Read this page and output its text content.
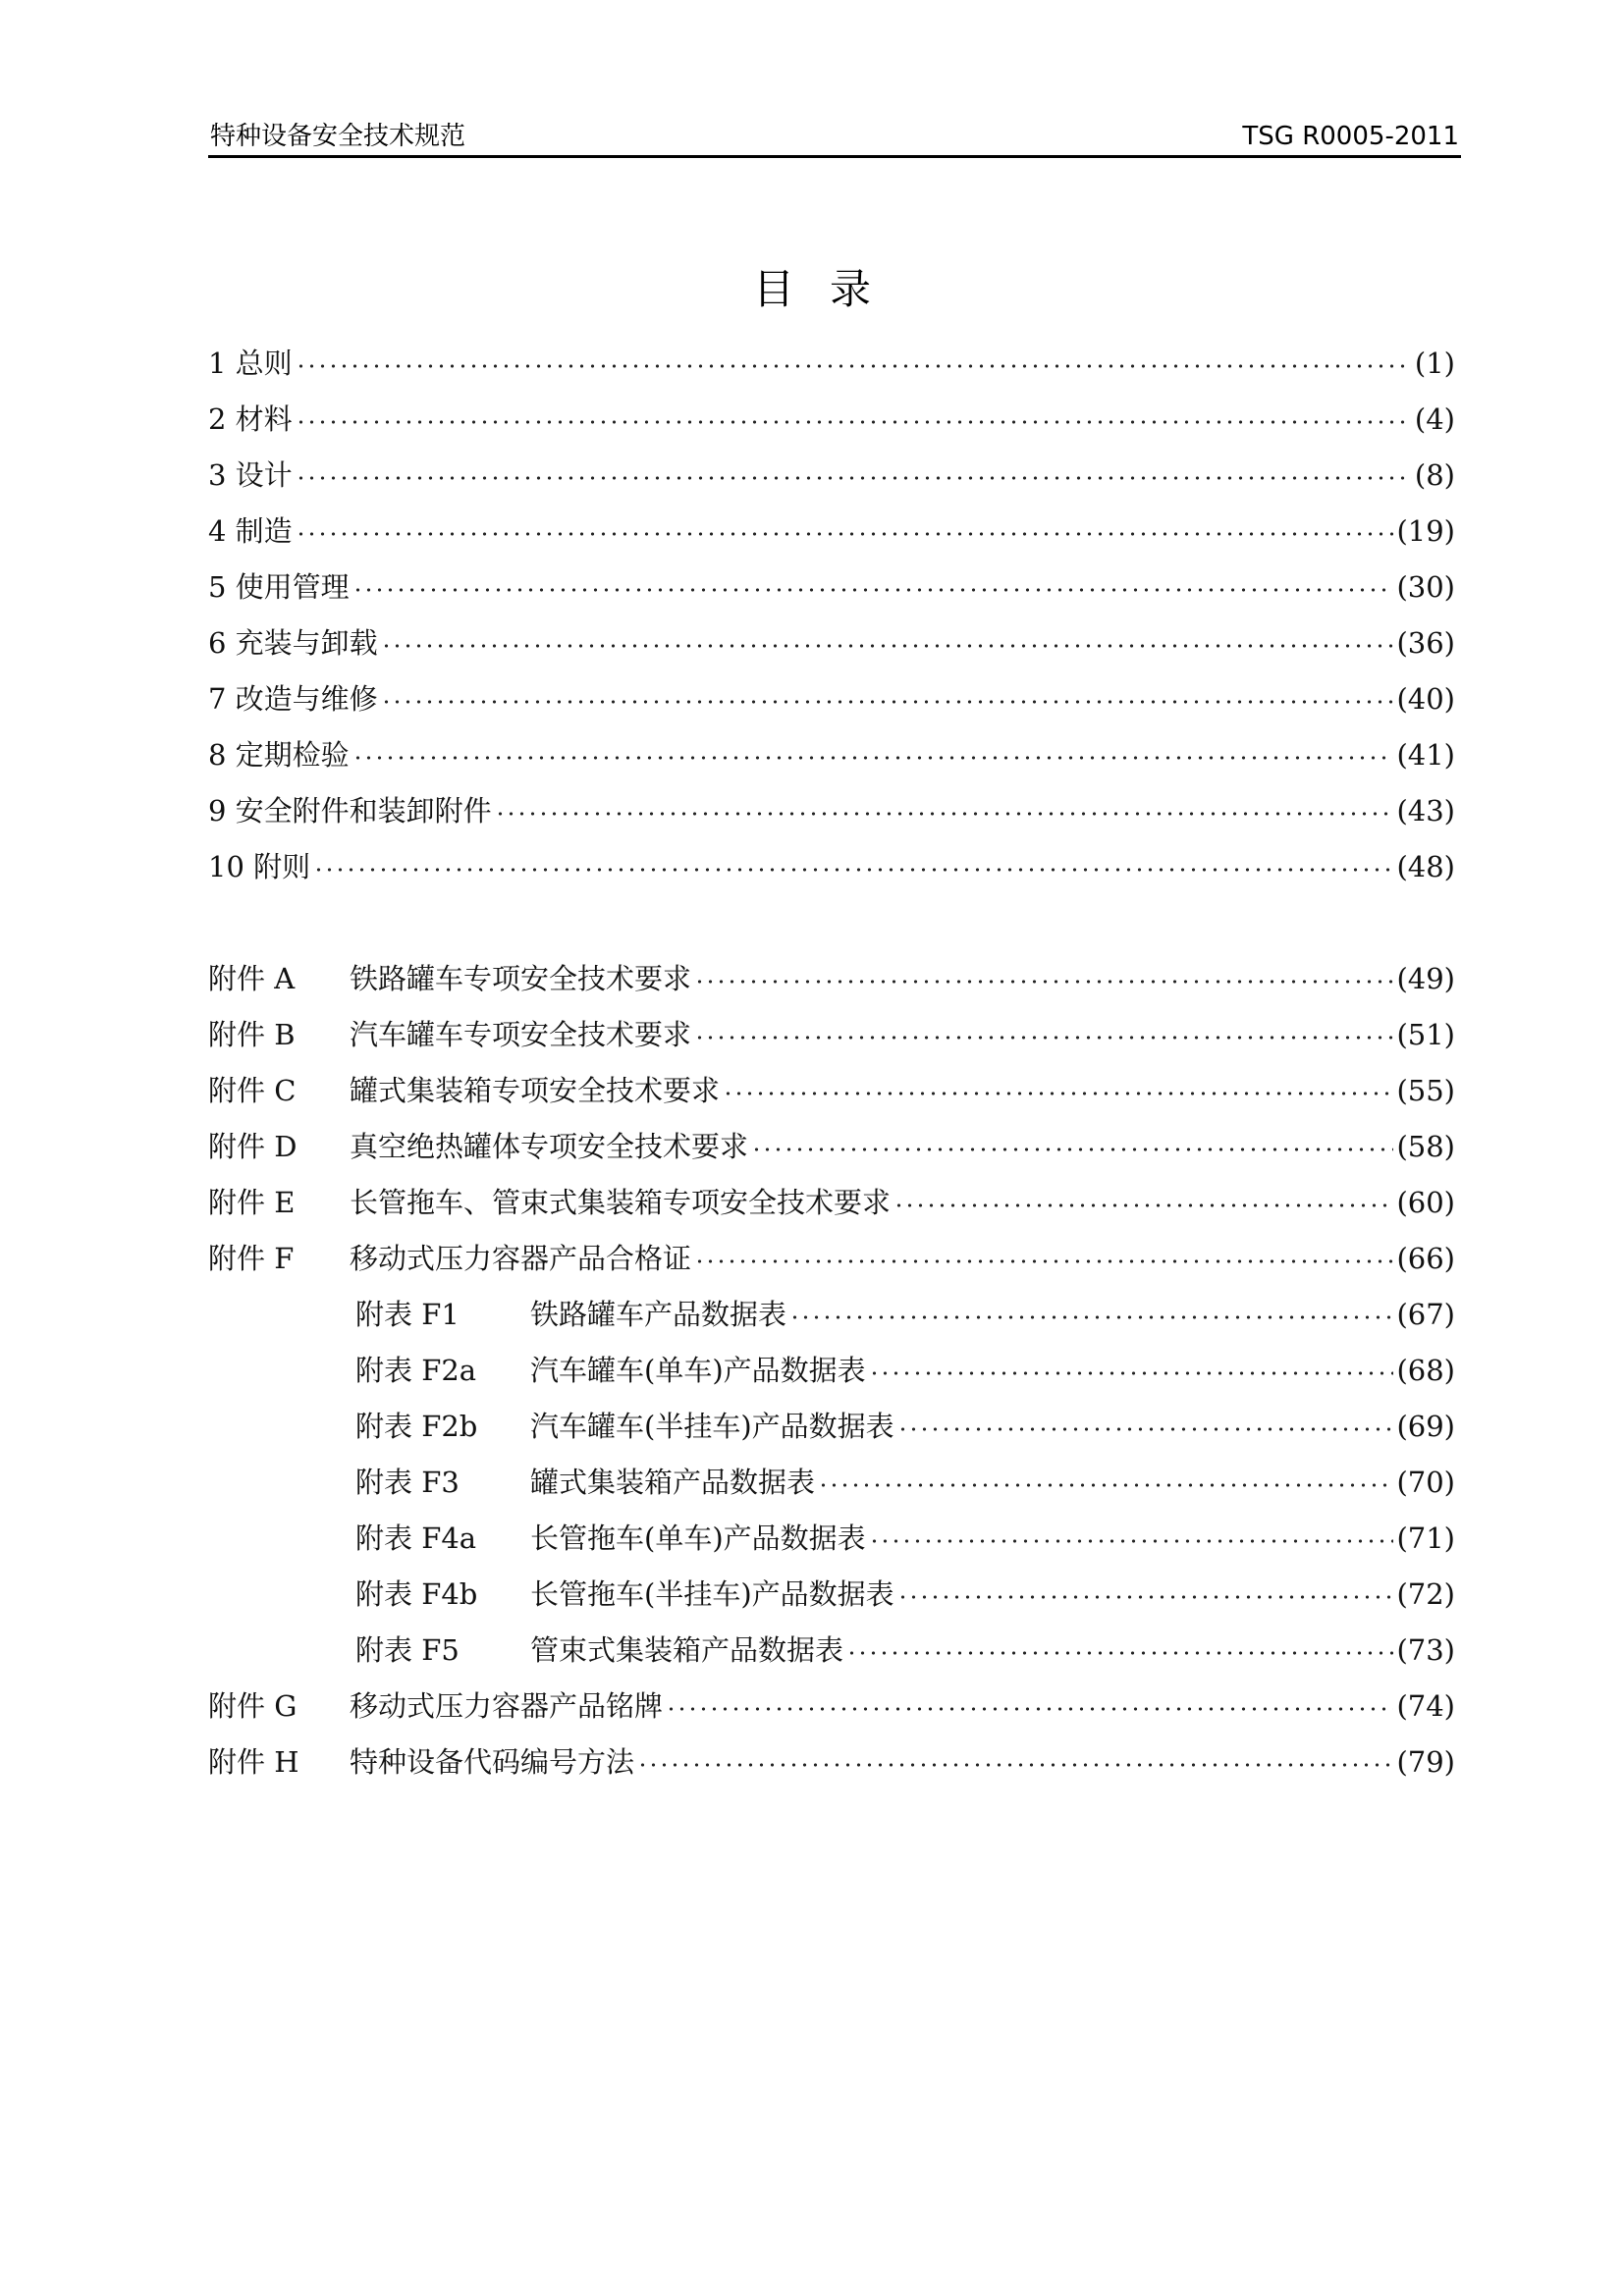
特种设备安全技术规范	TSG R0005-2011
目录
1 总则	(1)
2 材料	(4)
3 设计	(8)
4 制造	(19)
5 使用管理	(30)
6 充装与卸载	(36)
7 改造与维修	(40)
8 定期检验	(41)
9 安全附件和装卸附件	(43)
10 附则	(48)
附件 A	铁路罐车专项安全技术要求	(49)
附件 B	汽车罐车专项安全技术要求	(51)
附件 C	罐式集装箱专项安全技术要求	(55)
附件 D	真空绝热罐体专项安全技术要求	(58)
附件 E	长管拖车、管束式集装箱专项安全技术要求	(60)
附件 F	移动式压力容器产品合格证	(66)
附表 F1	铁路罐车产品数据表	(67)
附表 F2a	汽车罐车(单车)产品数据表	(68)
附表 F2b	汽车罐车(半挂车)产品数据表	(69)
附表 F3	罐式集装箱产品数据表	(70)
附表 F4a	长管拖车(单车)产品数据表	(71)
附表 F4b	长管拖车(半挂车)产品数据表	(72)
附表 F5	管束式集装箱产品数据表	(73)
附件 G	移动式压力容器产品铭牌	(74)
附件 H	特种设备代码编号方法	(79)
